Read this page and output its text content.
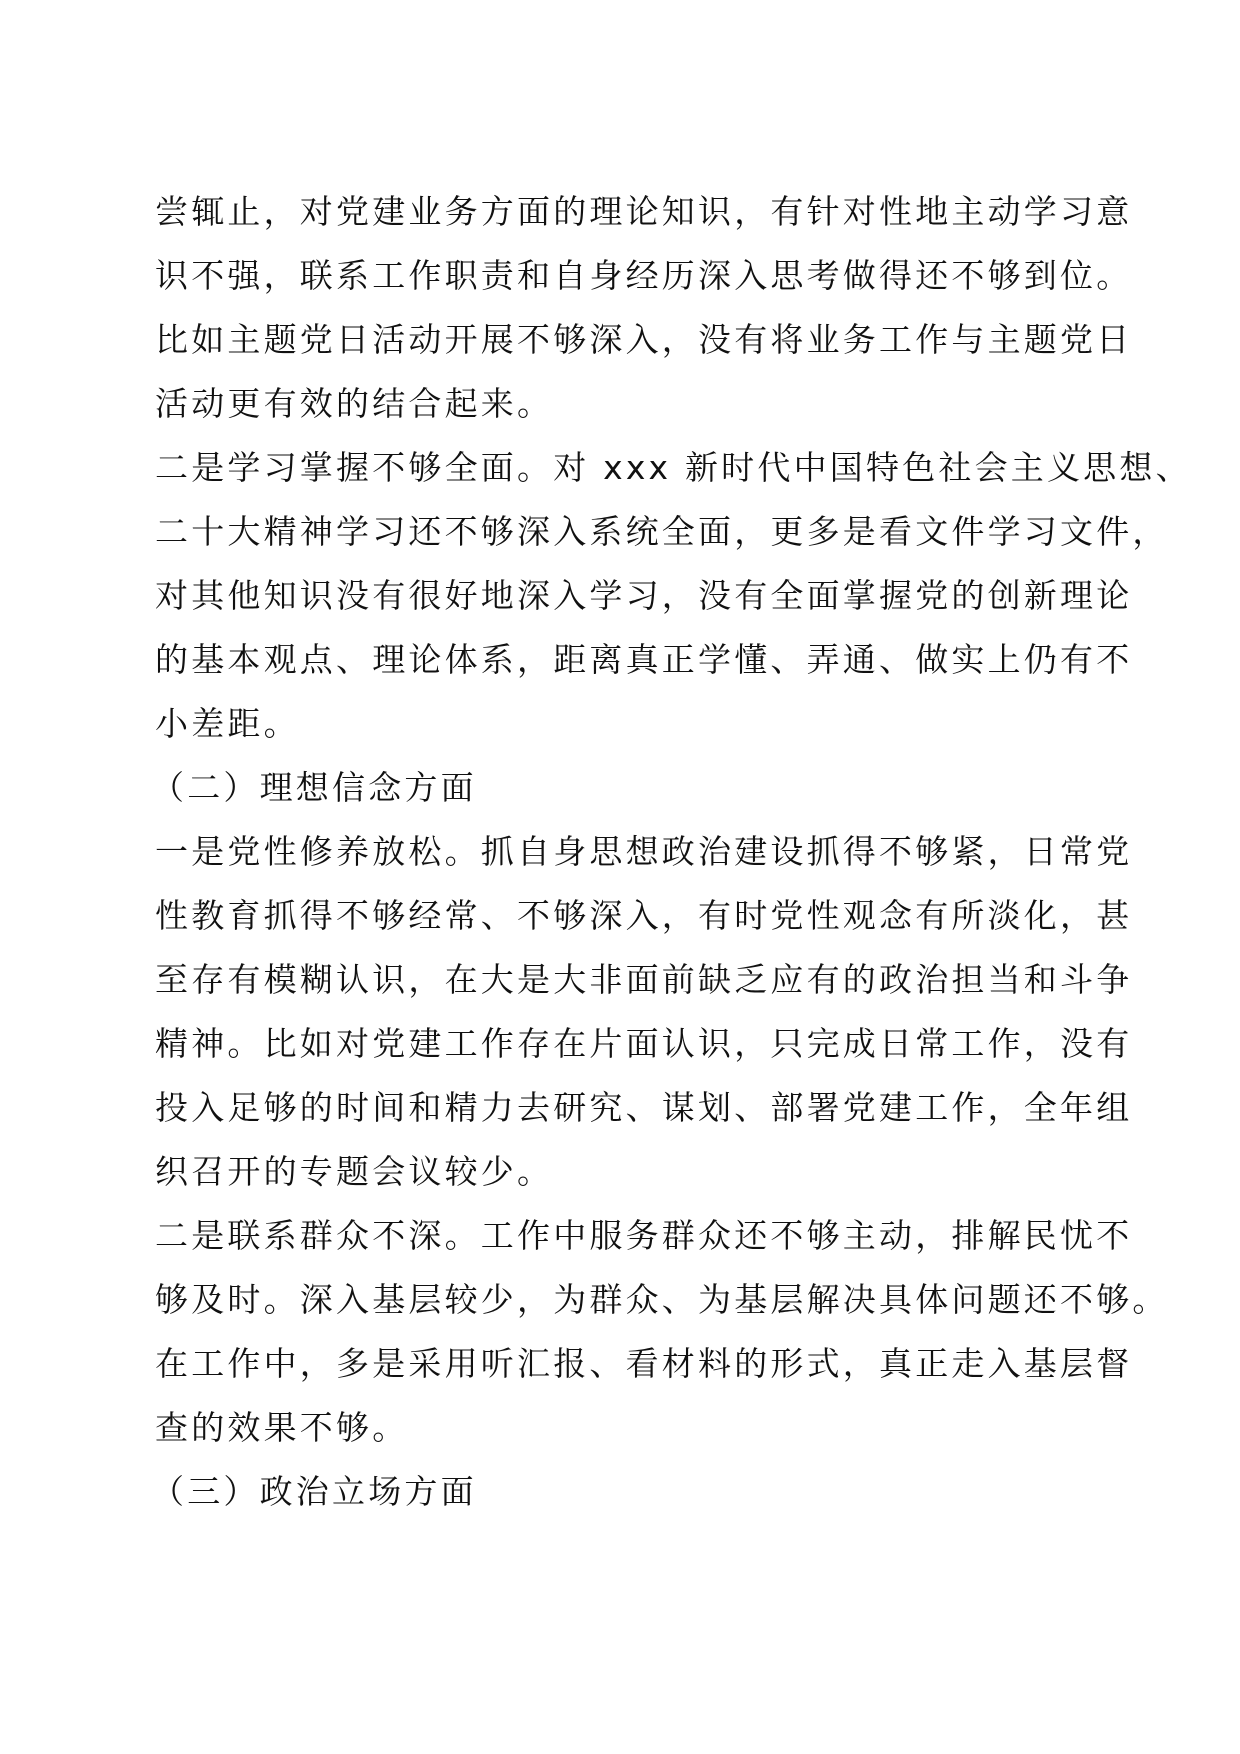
尝辄止，对党建业务方面的理论知识，有针对性地主动学习意
识不强，联系工作职责和自身经历深入思考做得还不够到位。
比如主题党日活动开展不够深入，没有将业务工作与主题党日
活动更有效的结合起来。
二是学习掌握不够全面。对 xxx 新时代中国特色社会主义思想、
二十大精神学习还不够深入系统全面，更多是看文件学习文件，
对其他知识没有很好地深入学习，没有全面掌握党的创新理论
的基本观点、理论体系，距离真正学懂、弄通、做实上仍有不
小差距。
（二）理想信念方面
一是党性修养放松。抓自身思想政治建设抓得不够紧，日常党
性教育抓得不够经常、不够深入，有时党性观念有所淡化，甚
至存有模糊认识，在大是大非面前缺乏应有的政治担当和斗争
精神。比如对党建工作存在片面认识，只完成日常工作，没有
投入足够的时间和精力去研究、谋划、部署党建工作，全年组
织召开的专题会议较少。
二是联系群众不深。工作中服务群众还不够主动，排解民忧不
够及时。深入基层较少，为群众、为基层解决具体问题还不够。
在工作中，多是采用听汇报、看材料的形式，真正走入基层督
查的效果不够。
（三）政治立场方面
